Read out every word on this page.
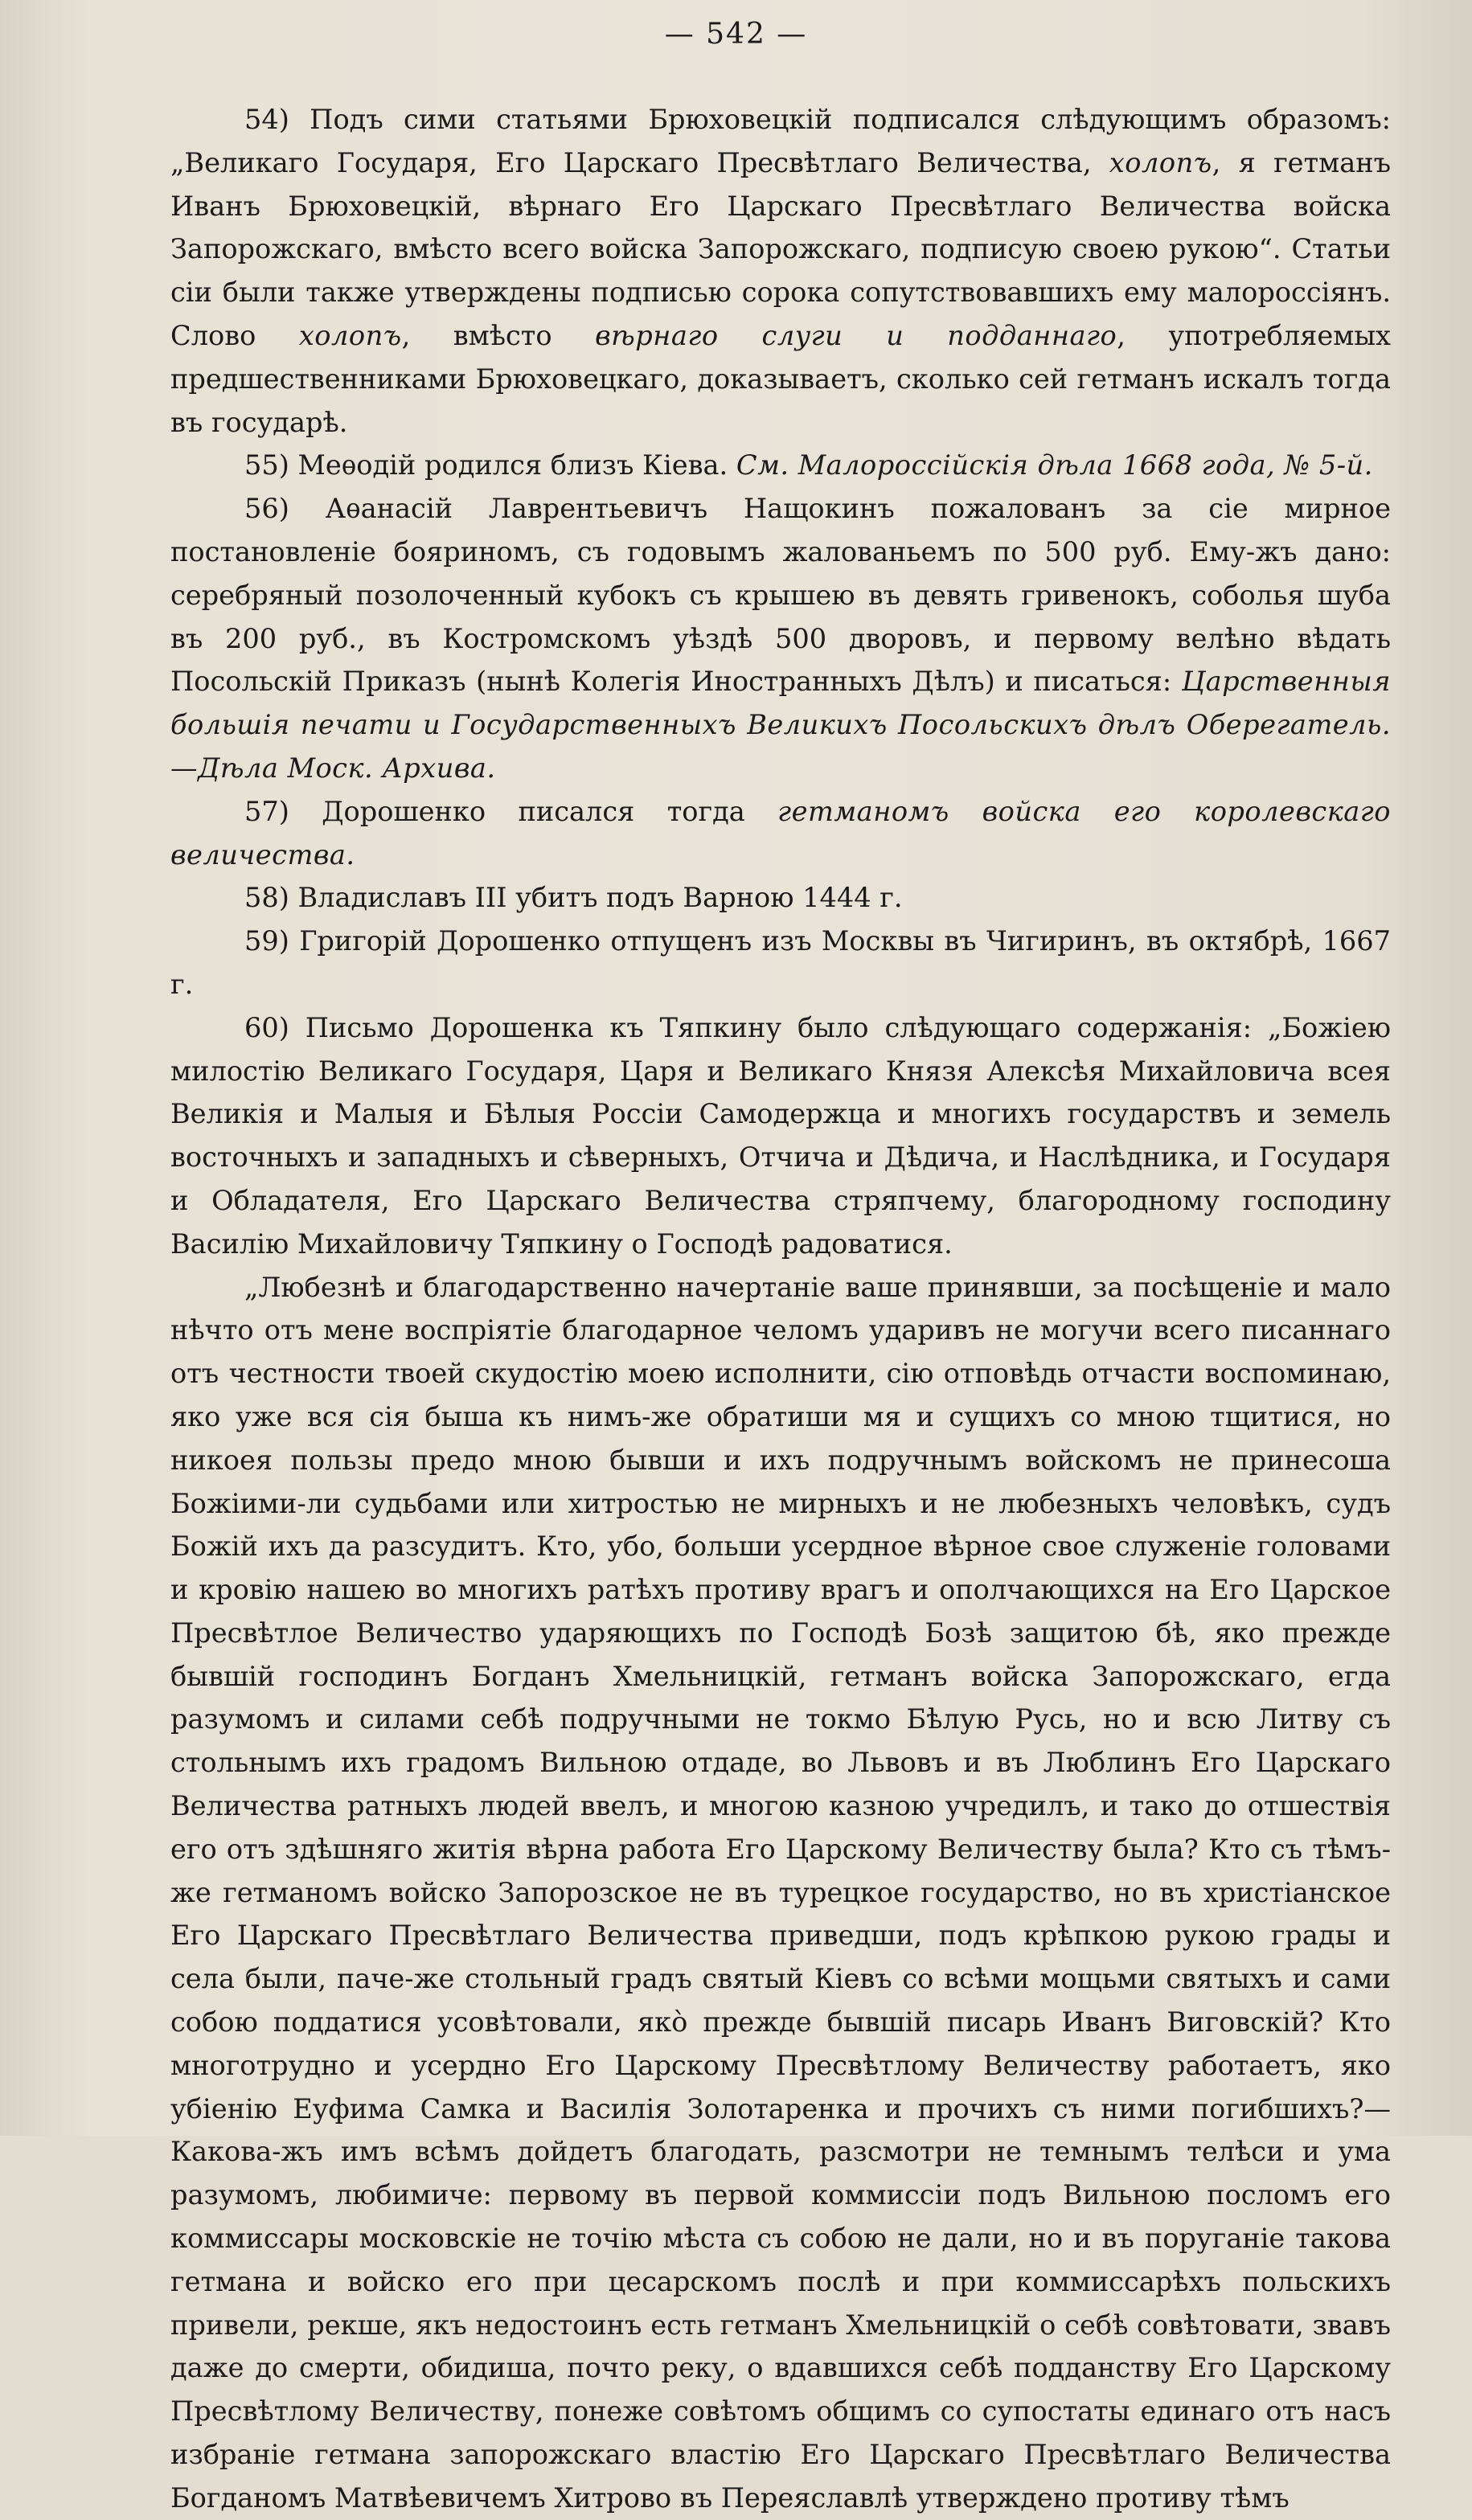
— 542 —

54) Подъ сими статьями Брюховецкій подписался слѣдующимъ образомъ: „Великаго Государя, Его Царскаго Пресвѣтлаго Величества, холопъ, я гетманъ Иванъ Брюховецкій, вѣрнаго Его Царскаго Пресвѣтлаго Величества войска Запорожскаго, вмѣсто всего войска Запорожскаго, подписую своею рукою“. Статьи сіи были также утверждены подписью сорока сопутствовавшихъ ему малороссіянъ. Слово холопъ, вмѣсто вѣрнаго слуги и подданнаго, употребляемых предшественниками Брюховецкаго, доказываетъ, сколько сей гетманъ искалъ тогда въ государѣ.

55) Меѳодій родился близъ Кіева. См. Малороссійскія дѣла 1668 года, № 5-й.

56) Аѳанасій Лаврентьевичъ Нащокинъ пожалованъ за сіе мирное постановленіе бояриномъ, съ годовымъ жалованьемъ по 500 руб. Ему-жъ дано: серебряный позолоченный кубокъ съ крышею въ девять гривенокъ, соболья шуба въ 200 руб., въ Костромскомъ уѣздѣ 500 дворовъ, и первому велѣно вѣдать Посольскій Приказъ (нынѣ Колегія Иностранныхъ Дѣлъ) и писаться: Царственныя большія печати и Государственныхъ Великихъ Посольскихъ дѣлъ Оберегатель.—Дѣла Моск. Архива.

57) Дорошенко писался тогда гетманомъ войска его королевскаго величества.

58) Владиславъ III убитъ подъ Варною 1444 г.

59) Григорій Дорошенко отпущенъ изъ Москвы въ Чигиринъ, въ октябрѣ, 1667 г.

60) Письмо Дорошенка къ Тяпкину было слѣдующаго содержанія: „Божіею милостію Великаго Государя, Царя и Великаго Князя Алексѣя Михайловича всея Великія и Малыя и Бѣлыя Россіи Самодержца и многихъ государствъ и земель восточныхъ и западныхъ и сѣверныхъ, Отчича и Дѣдича, и Наслѣдника, и Государя и Обладателя, Его Царскаго Величества стряпчему, благородному господину Василію Михайловичу Тяпкину о Господѣ радоватися.

„Любезнѣ и благодарственно начертаніе ваше принявши, за посѣщеніе и мало нѣчто отъ мене воспріятіе благодарное челомъ ударивъ не могучи всего писаннаго отъ честности твоей скудостію моею исполнити, сію отповѣдь отчасти воспоминаю, яко уже вся сія быша къ нимъ-же обратиши мя и сущихъ со мною тщитися, но никоея пользы предо мною бывши и ихъ подручнымъ войскомъ не принесоша Божіими-ли судьбами или хитростью не мирныхъ и не любезныхъ человѣкъ, судъ Божій ихъ да разсудитъ. Кто, убо, больши усердное вѣрное свое служеніе головами и кровію нашею во многихъ ратѣхъ противу врагъ и ополчающихся на Его Царское Пресвѣтлое Величество ударяющихъ по Господѣ Бозѣ защитою бѣ, яко прежде бывшій господинъ Богданъ Хмельницкій, гетманъ войска Запорожскаго, егда разумомъ и силами себѣ подручными не токмо Бѣлую Русь, но и всю Литву съ стольнымъ ихъ градомъ Вильною отдаде, во Львовъ и въ Люблинъ Его Царскаго Величества ратныхъ людей ввелъ, и многою казною учредилъ, и тако до отшествія его отъ здѣшняго житія вѣрна работа Его Царскому Величеству была? Кто съ тѣмъ-же гетманомъ войско Запорозское не въ турецкое государство, но въ христіанское Его Царскаго Пресвѣтлаго Величества приведши, подъ крѣпкою рукою грады и села были, паче-же стольный градъ святый Кіевъ со всѣми мощьми святыхъ и сами собою поддатися усовѣтовали, якò прежде бывшій писарь Иванъ Виговскій? Кто многотрудно и усердно Его Царскому Пресвѣтлому Величеству работаетъ, яко убіенію Еуфима Самка и Василія Золотаренка и прочихъ съ ними погибшихъ?—Какова-жъ имъ всѣмъ дойдетъ благодать, разсмотри не темнымъ телѣси и ума разумомъ, любимиче: первому въ первой коммиссіи подъ Вильною посломъ его коммиссары московскіе не точію мѣста съ собою не дали, но и въ поруганіе такова гетмана и войско его при цесарскомъ послѣ и при коммиссарѣхъ польскихъ привели, рекше, якъ недостоинъ есть гетманъ Хмельницкій о себѣ совѣтовати, звавъ даже до смерти, обидиша, почто реку, о вдавшихся себѣ подданству Его Царскому Пресвѣтлому Величеству, понеже совѣтомъ общимъ со супостаты единаго отъ насъ избраніе гетмана запорожскаго властію Его Царскаго Пресвѣтлаго Величества Богданомъ Матвѣевичемъ Хитрово въ Переяславлѣ утверждено противу тѣмъ
